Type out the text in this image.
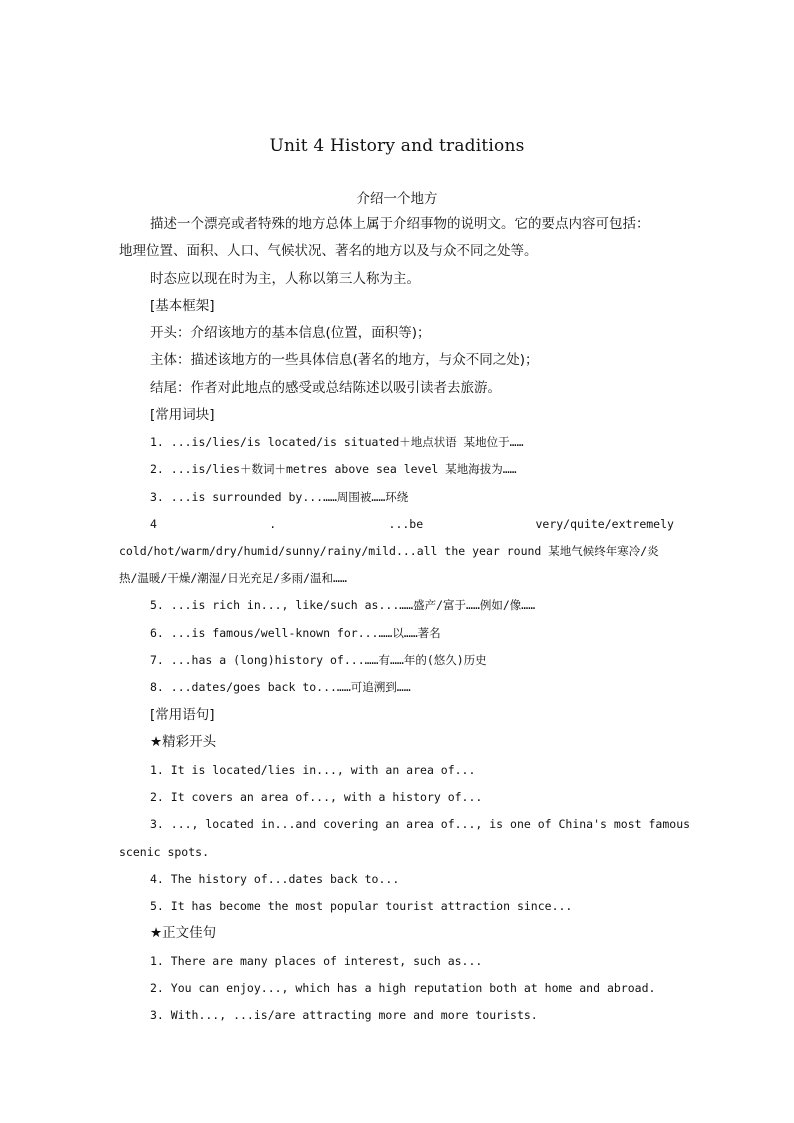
Unit 4 History and traditions
介绍一个地方
描述一个漂亮或者特殊的地方总体上属于介绍事物的说明文。它的要点内容可包括：
地理位置、面积、人口、气候状况、著名的地方以及与众不同之处等。
时态应以现在时为主，人称以第三人称为主。
[基本框架]
开头：介绍该地方的基本信息(位置，面积等)；
主体：描述该地方的一些具体信息(著名的地方，与众不同之处)；
结尾：作者对此地点的感受或总结陈述以吸引读者去旅游。
[常用词块]
1. ...is/lies/is located/is situated＋地点状语 某地位于……
2. ...is/lies＋数词＋metres above sea level 某地海拔为……
3. ...is surrounded by...……周围被……环绕
4	.	...be	very/quite/extremely
cold/hot/warm/dry/humid/sunny/rainy/mild...all the year round 某地气候终年寒冷/炎
热/温暖/干燥/潮湿/日光充足/多雨/温和……
5. ...is rich in..., like/such as...……盛产/富于……例如/像……
6. ...is famous/well-known for...……以……著名
7. ...has a (long)history of...……有……年的(悠久)历史
8. ...dates/goes back to...……可追溯到……
[常用语句]
★精彩开头
1. It is located/lies in..., with an area of...
2. It covers an area of..., with a history of...
3. ..., located in...and covering an area of..., is one of China's most famous
scenic spots.
4. The history of...dates back to...
5. It has become the most popular tourist attraction since...
★正文佳句
1. There are many places of interest, such as...
2. You can enjoy..., which has a high reputation both at home and abroad.
3. With..., ...is/are attracting more and more tourists.
